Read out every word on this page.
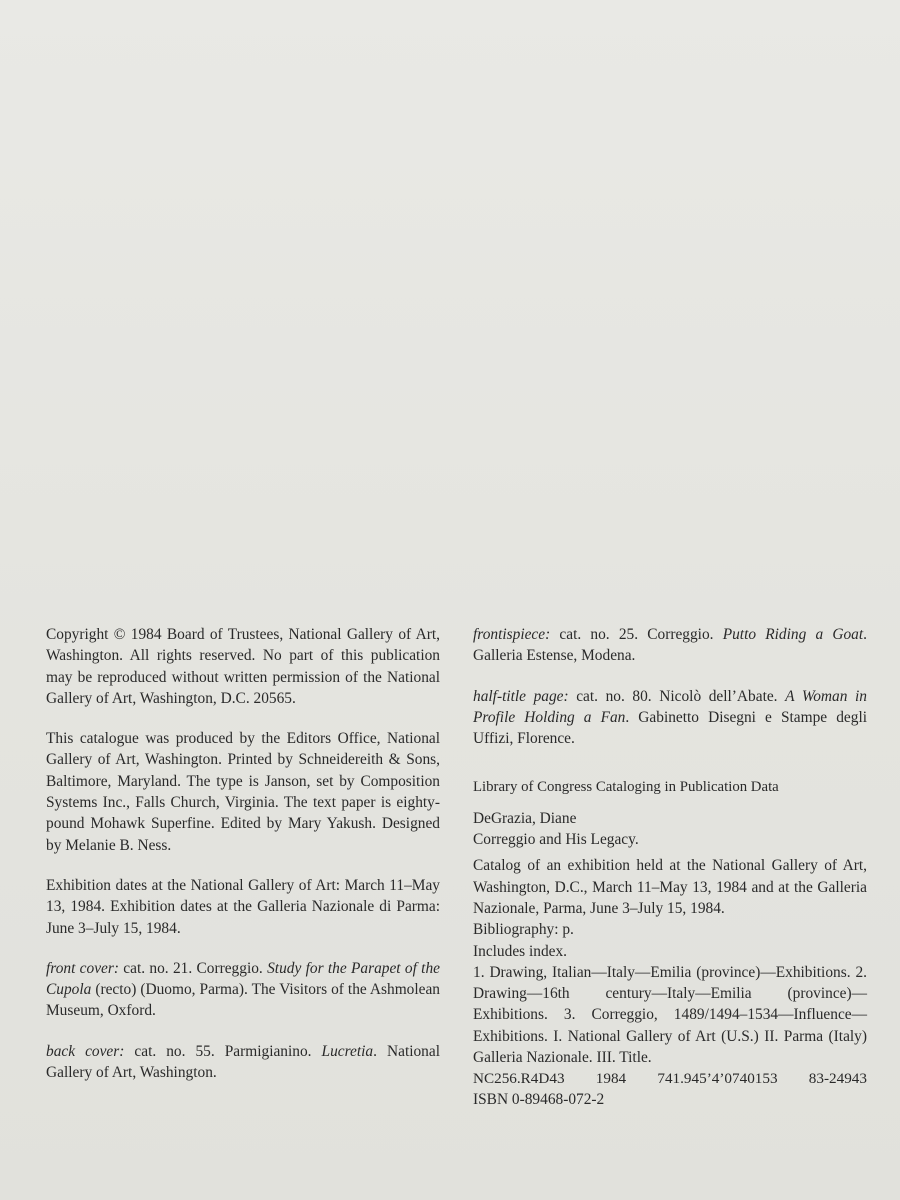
Copyright © 1984 Board of Trustees, National Gallery of Art, Washington. All rights reserved. No part of this publication may be reproduced without written permission of the National Gallery of Art, Washington, D.C. 20565.

This catalogue was produced by the Editors Office, National Gallery of Art, Washington. Printed by Schneidereith & Sons, Baltimore, Maryland. The type is Janson, set by Composition Systems Inc., Falls Church, Virginia. The text paper is eighty-pound Mohawk Superfine. Edited by Mary Yakush. Designed by Melanie B. Ness.

Exhibition dates at the National Gallery of Art: March 11–May 13, 1984. Exhibition dates at the Galleria Nazionale di Parma: June 3–July 15, 1984.

front cover: cat. no. 21. Correggio. Study for the Parapet of the Cupola (recto) (Duomo, Parma). The Visitors of the Ashmolean Museum, Oxford.

back cover: cat. no. 55. Parmigianino. Lucretia. National Gallery of Art, Washington.

frontispiece: cat. no. 25. Correggio. Putto Riding a Goat. Galleria Estense, Modena.

half-title page: cat. no. 80. Nicolò dell’Abate. A Woman in Profile Holding a Fan. Gabinetto Disegni e Stampe degli Uffizi, Florence.

Library of Congress Cataloging in Publication Data

DeGrazia, Diane

Correggio and His Legacy.

Catalog of an exhibition held at the National Gallery of Art, Washington, D.C., March 11–May 13, 1984 and at the Galleria Nazionale, Parma, June 3–July 15, 1984.

Bibliography: p.

Includes index.

1. Drawing, Italian—Italy—Emilia (province)—Exhibitions. 2. Drawing—16th century—Italy—Emilia (province)—Exhibitions. 3. Correggio, 1489/1494–1534—Influence—Exhibitions. I. National Gallery of Art (U.S.) II. Parma (Italy) Galleria Nazionale. III. Title.

NC256.R4D43 1984 741.945’4’0740153 83-24943

ISBN 0-89468-072-2
